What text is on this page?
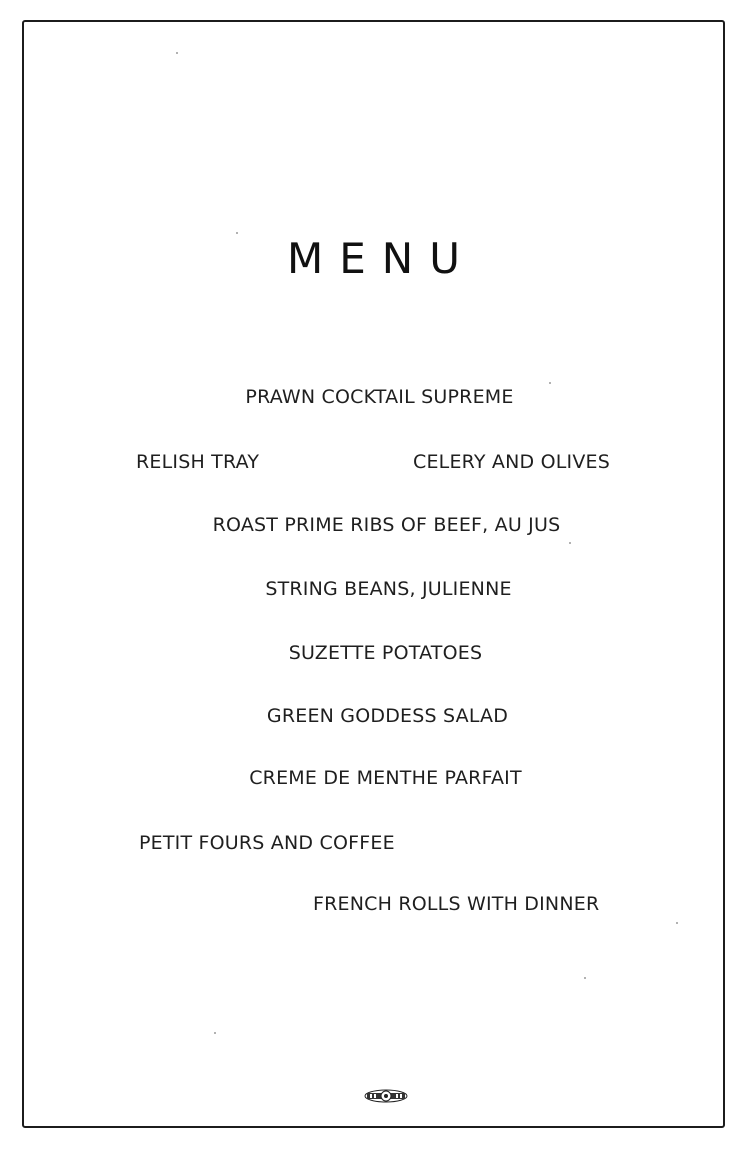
MENU
PRAWN COCKTAIL SUPREME
RELISH TRAY	CELERY AND OLIVES
ROAST PRIME RIBS OF BEEF, AU JUS
STRING BEANS, JULIENNE
SUZETTE POTATOES
GREEN GODDESS SALAD
CREME DE MENTHE PARFAIT
PETIT FOURS AND COFFEE
FRENCH ROLLS WITH DINNER
